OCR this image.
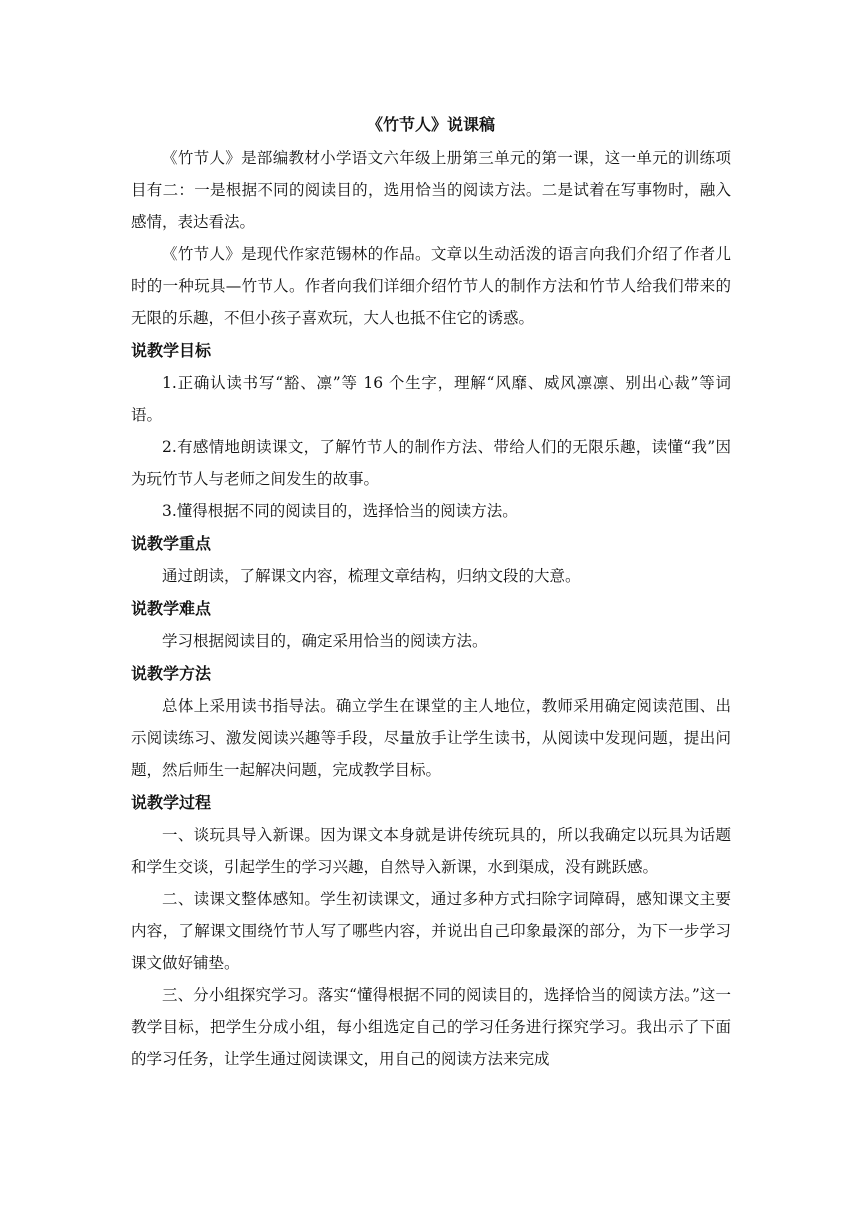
《竹节人》说课稿

《竹节人》是部编教材小学语文六年级上册第三单元的第一课，这一单元的训练项目有二：一是根据不同的阅读目的，选用恰当的阅读方法。二是试着在写事物时，融入感情，表达看法。

《竹节人》是现代作家范锡林的作品。文章以生动活泼的语言向我们介绍了作者儿时的一种玩具—竹节人。作者向我们详细介绍竹节人的制作方法和竹节人给我们带来的无限的乐趣，不但小孩子喜欢玩，大人也抵不住它的诱惑。

说教学目标

1.正确认读书写“豁、凛”等 16 个生字，理解“风靡、威风凛凛、别出心裁”等词语。

2.有感情地朗读课文，了解竹节人的制作方法、带给人们的无限乐趣，读懂“我”因为玩竹节人与老师之间发生的故事。

3.懂得根据不同的阅读目的，选择恰当的阅读方法。

说教学重点

通过朗读，了解课文内容，梳理文章结构，归纳文段的大意。

说教学难点

学习根据阅读目的，确定采用恰当的阅读方法。

说教学方法

总体上采用读书指导法。确立学生在课堂的主人地位，教师采用确定阅读范围、出示阅读练习、激发阅读兴趣等手段，尽量放手让学生读书，从阅读中发现问题，提出问题，然后师生一起解决问题，完成教学目标。

说教学过程

一、谈玩具导入新课。因为课文本身就是讲传统玩具的，所以我确定以玩具为话题和学生交谈，引起学生的学习兴趣，自然导入新课，水到渠成，没有跳跃感。

二、读课文整体感知。学生初读课文，通过多种方式扫除字词障碍，感知课文主要内容，了解课文围绕竹节人写了哪些内容，并说出自己印象最深的部分，为下一步学习课文做好铺垫。

三、分小组探究学习。落实“懂得根据不同的阅读目的，选择恰当的阅读方法。”这一教学目标，把学生分成小组，每小组选定自己的学习任务进行探究学习。我出示了下面的学习任务，让学生通过阅读课文，用自己的阅读方法来完成
